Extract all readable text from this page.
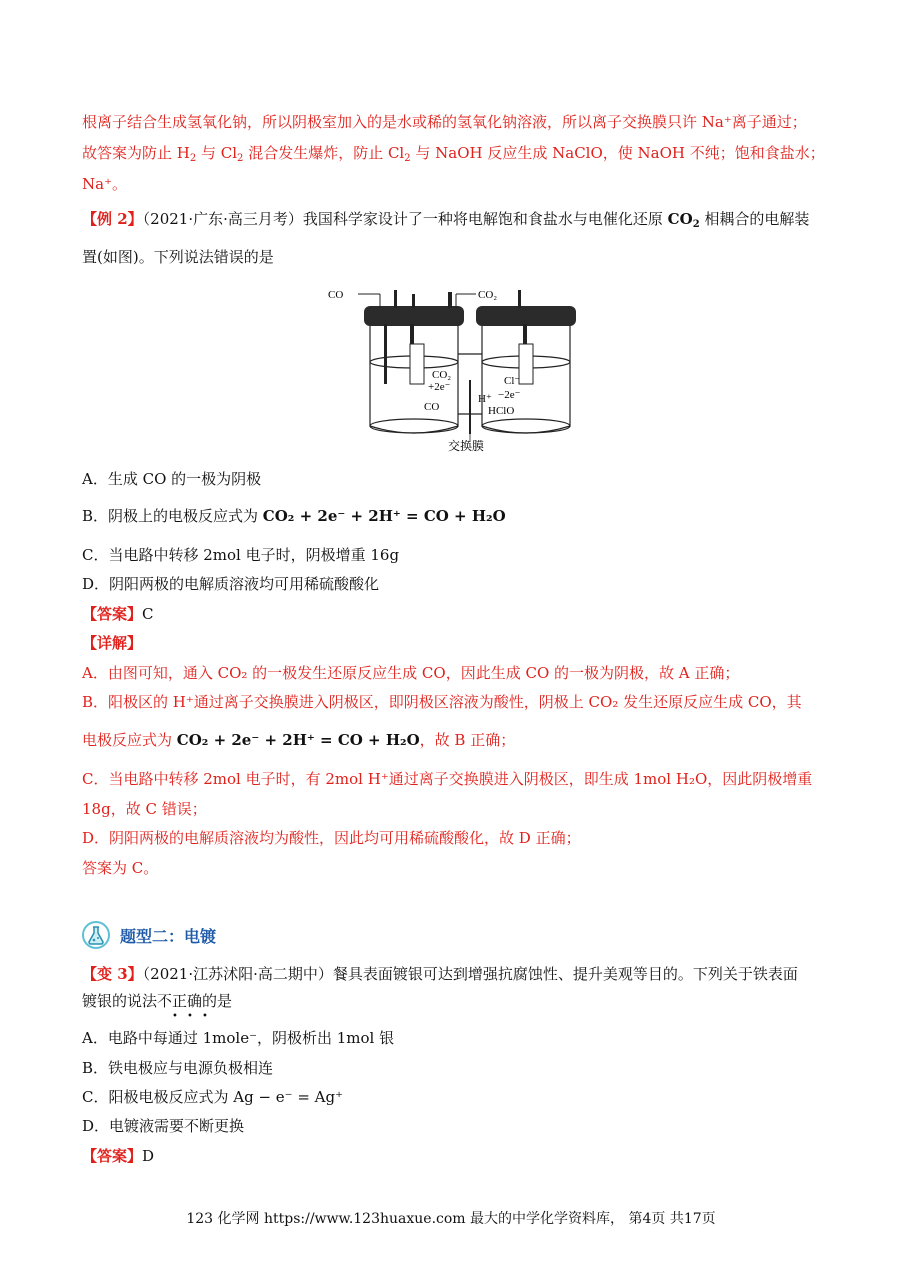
根离子结合生成氢氧化钠，所以阴极室加入的是水或稀的氢氧化钠溶液，所以离子交换膜只许 Na⁺离子通过；
故答案为防止 $H_2$ 与 $Cl_2$ 混合发生爆炸，防止 $Cl_2$ 与 NaOH 反应生成 NaClO，使 NaOH 不纯；饱和食盐水；
Na⁺。
【例 2】（2021·广东·高三月考）我国科学家设计了一种将电解饱和食盐水与电催化还原 $CO_2$ 相耦合的电解装
置(如图)。下列说法错误的是
CO	CO₂
CO₂
+2e⁻
CO
H⁺
Cl⁻
−2e⁻
HClO
交换膜
A．生成 CO 的一极为阴极
B．阴极上的电极反应式为 CO₂ + 2e⁻ + 2H⁺ = CO + H₂O
C．当电路中转移 2mol 电子时，阴极增重 16g
D．阴阳两极的电解质溶液均可用稀硫酸酸化
【答案】C
【详解】
A．由图可知，通入 CO₂ 的一极发生还原反应生成 CO，因此生成 CO 的一极为阴极，故 A 正确；
B．阳极区的 H⁺通过离子交换膜进入阴极区，即阴极区溶液为酸性，阴极上 CO₂ 发生还原反应生成 CO，其
电极反应式为 CO₂ + 2e⁻ + 2H⁺ = CO + H₂O，故 B 正确；
C．当电路中转移 2mol 电子时，有 2mol H⁺通过离子交换膜进入阴极区，即生成 1mol H₂O，因此阴极增重
18g，故 C 错误；
D．阴阳两极的电解质溶液均为酸性，因此均可用稀硫酸酸化，故 D 正确；
答案为 C。
题型二：电镀
【变 3】（2021·江苏沭阳·高二期中）餐具表面镀银可达到增强抗腐蚀性、提升美观等目的。下列关于铁表面
镀银的说法不正确的是
• • •
A．电路中每通过 1mole⁻，阴极析出 1mol 银
B．铁电极应与电源负极相连
C．阳极电极反应式为 Ag − e⁻ = Ag⁺
D．电镀液需要不断更换
【答案】D
123 化学网 https://www.123huaxue.com 最大的中学化学资料库， 第4页 共17页
